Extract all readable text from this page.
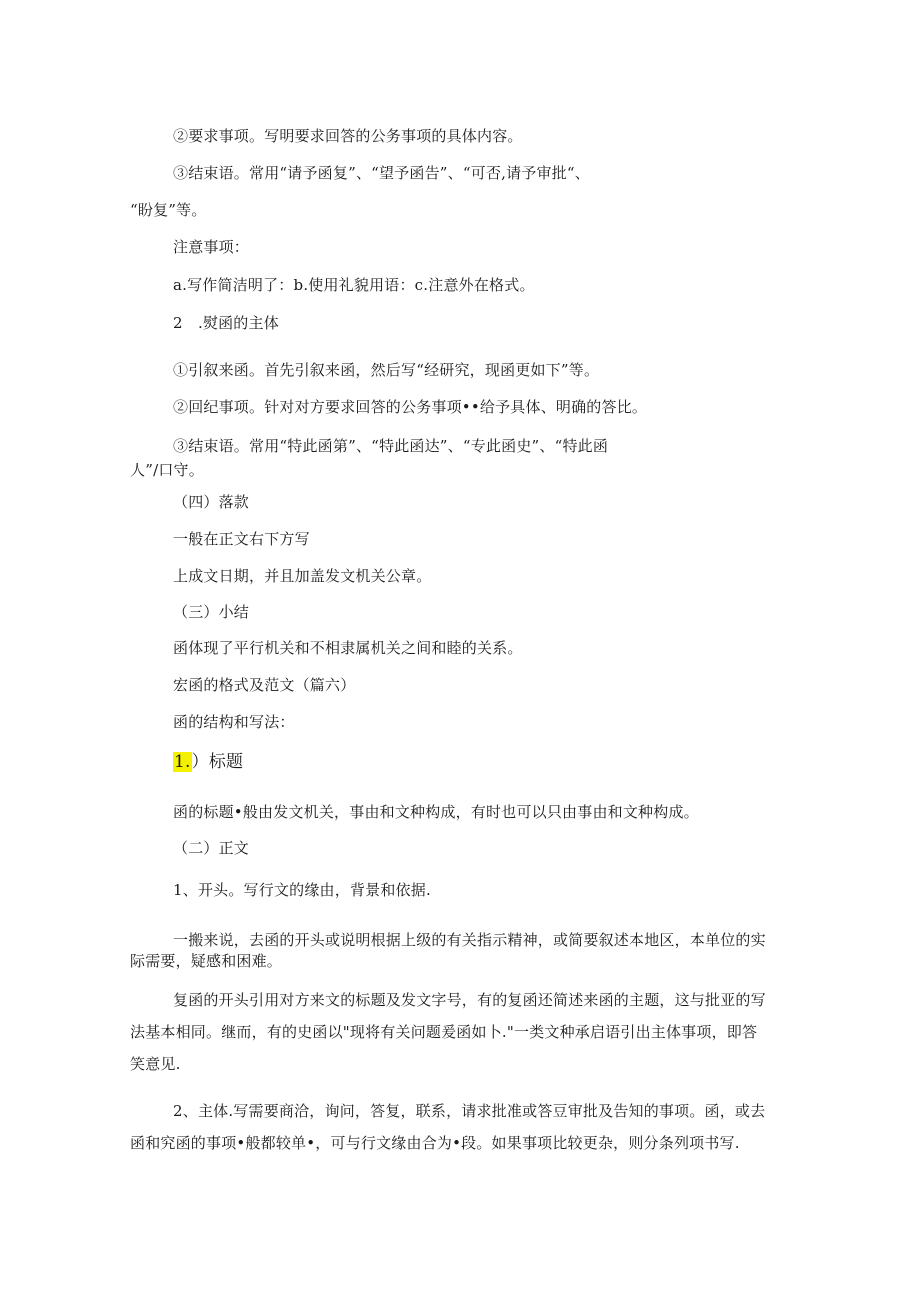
②要求事项。写明要求回答的公务事项的具体内容。

③结束语。常用“请予函复”、“望予函告”、“可否,请予审批“、

“盼复”等。

注意事项：

a.写作简洁明了：b.使用礼貌用语：c.注意外在格式。

2　.熨函的主体

①引叙来函。首先引叙来函，然后写“经研究，现函更如下”等。

②回纪事项。针对对方要求回答的公务事项••给予具体、明确的答比。

③结束语。常用“特此函第”、“特此函达”、“专此函史”、“特此函

人”/口守。

（四）落款

一般在正文右下方写

上成文日期，并且加盖发文机关公章。

（三）小结

函体现了平行机关和不相隶属机关之间和睦的关系。

宏函的格式及范文（篇六）

函的结构和写法：

1.）标题

函的标题•般由发文机关，事由和文种构成，有时也可以只由事由和文种构成。

（二）正文

1、开头。写行文的缘由，背景和依据.

一搬来说，去函的开头或说明根据上级的有关指示精神，或简要叙述本地区，本单位的实

际需要，疑感和困难。

复函的开头引用对方来文的标题及发文字号，有的复函还简述来函的主题，这与批亚的写

法基本相同。继而，有的史函以"现将有关问题爰函如卜."一类文种承启语引出主体事项，即答

笑意见.

2、主体.写需要商洽，询问，答复，联系，请求批准或答豆审批及告知的事项。函，或去

函和究函的事项•般都较单•，可与行文缘由合为•段。如果事项比较更杂，则分条列项书写.
